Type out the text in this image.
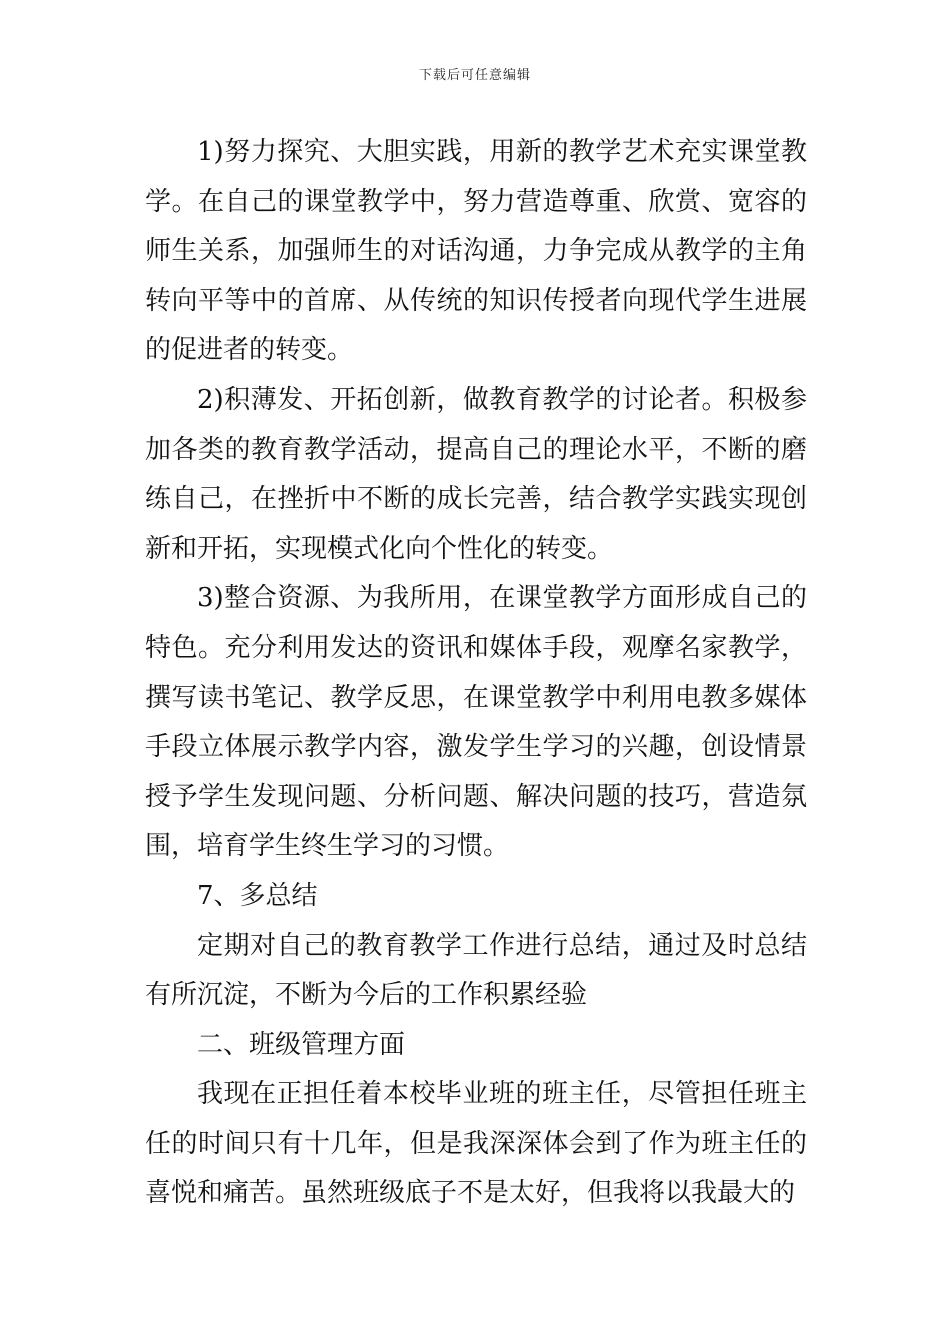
下载后可任意编辑

1)努力探究、大胆实践，用新的教学艺术充实课堂教学。在自己的课堂教学中，努力营造尊重、欣赏、宽容的师生关系，加强师生的对话沟通，力争完成从教学的主角转向平等中的首席、从传统的知识传授者向现代学生进展的促进者的转变。

2)积薄发、开拓创新，做教育教学的讨论者。积极参加各类的教育教学活动，提高自己的理论水平，不断的磨练自己，在挫折中不断的成长完善，结合教学实践实现创新和开拓，实现模式化向个性化的转变。

3)整合资源、为我所用，在课堂教学方面形成自己的特色。充分利用发达的资讯和媒体手段，观摩名家教学，撰写读书笔记、教学反思，在课堂教学中利用电教多媒体手段立体展示教学内容，激发学生学习的兴趣，创设情景授予学生发现问题、分析问题、解决问题的技巧，营造氛围，培育学生终生学习的习惯。

7、多总结

定期对自己的教育教学工作进行总结，通过及时总结有所沉淀，不断为今后的工作积累经验

二、班级管理方面

我现在正担任着本校毕业班的班主任，尽管担任班主任的时间只有十几年，但是我深深体会到了作为班主任的喜悦和痛苦。虽然班级底子不是太好，但我将以我最大的
